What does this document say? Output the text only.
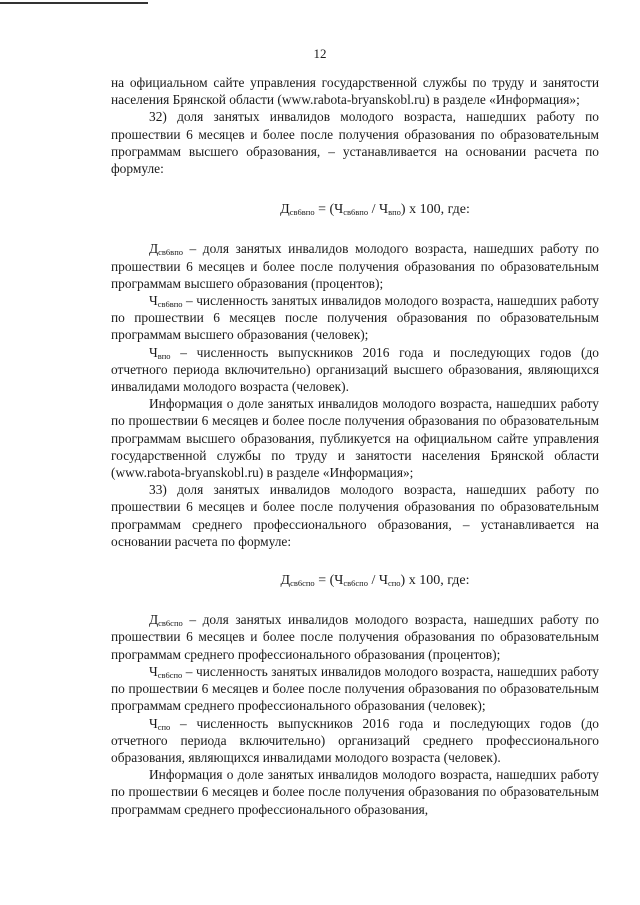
12

на официальном сайте управления государственной службы по труду и занятости населения Брянской области (www.rabota-bryanskobl.ru) в разделе «Информация»;

32) доля занятых инвалидов молодого возраста, нашедших работу по прошествии 6 месяцев и более после получения образования по образовательным программам высшего образования, – устанавливается на основании расчета по формуле:

$Д_{св6впо} = (Ч_{св6впо} / Ч_{впо})$ x 100, где:

$Д_{св6впо}$ – доля занятых инвалидов молодого возраста, нашедших работу по прошествии 6 месяцев и более после получения образования по образовательным программам высшего образования (процентов);

$Ч_{св6впо}$ – численность занятых инвалидов молодого возраста, нашедших работу по прошествии 6 месяцев после получения образования по образовательным программам высшего образования (человек);

$Ч_{впо}$ – численность выпускников 2016 года и последующих годов (до отчетного периода включительно) организаций высшего образования, являющихся инвалидами молодого возраста (человек).

Информация о доле занятых инвалидов молодого возраста, нашедших работу по прошествии 6 месяцев и более после получения образования по образовательным программам высшего образования, публикуется на официальном сайте управления государственной службы по труду и занятости населения Брянской области (www.rabota-bryanskobl.ru) в разделе «Информация»;

33) доля занятых инвалидов молодого возраста, нашедших работу по прошествии 6 месяцев и более после получения образования по образовательным программам среднего профессионального образования, – устанавливается на основании расчета по формуле:

$Д_{св6спо} = (Ч_{св6спо} / Ч_{спо})$ x 100, где:

$Д_{св6спо}$ – доля занятых инвалидов молодого возраста, нашедших работу по прошествии 6 месяцев и более после получения образования по образовательным программам среднего профессионального образования (процентов);

$Ч_{св6спо}$ – численность занятых инвалидов молодого возраста, нашедших работу по прошествии 6 месяцев и более после получения образования по образовательным программам среднего профессионального образования (человек);

$Ч_{спо}$ – численность выпускников 2016 года и последующих годов (до отчетного периода включительно) организаций среднего профессионального образования, являющихся инвалидами молодого возраста (человек).

Информация о доле занятых инвалидов молодого возраста, нашедших работу по прошествии 6 месяцев и более после получения образования по образовательным программам среднего профессионального образования,
